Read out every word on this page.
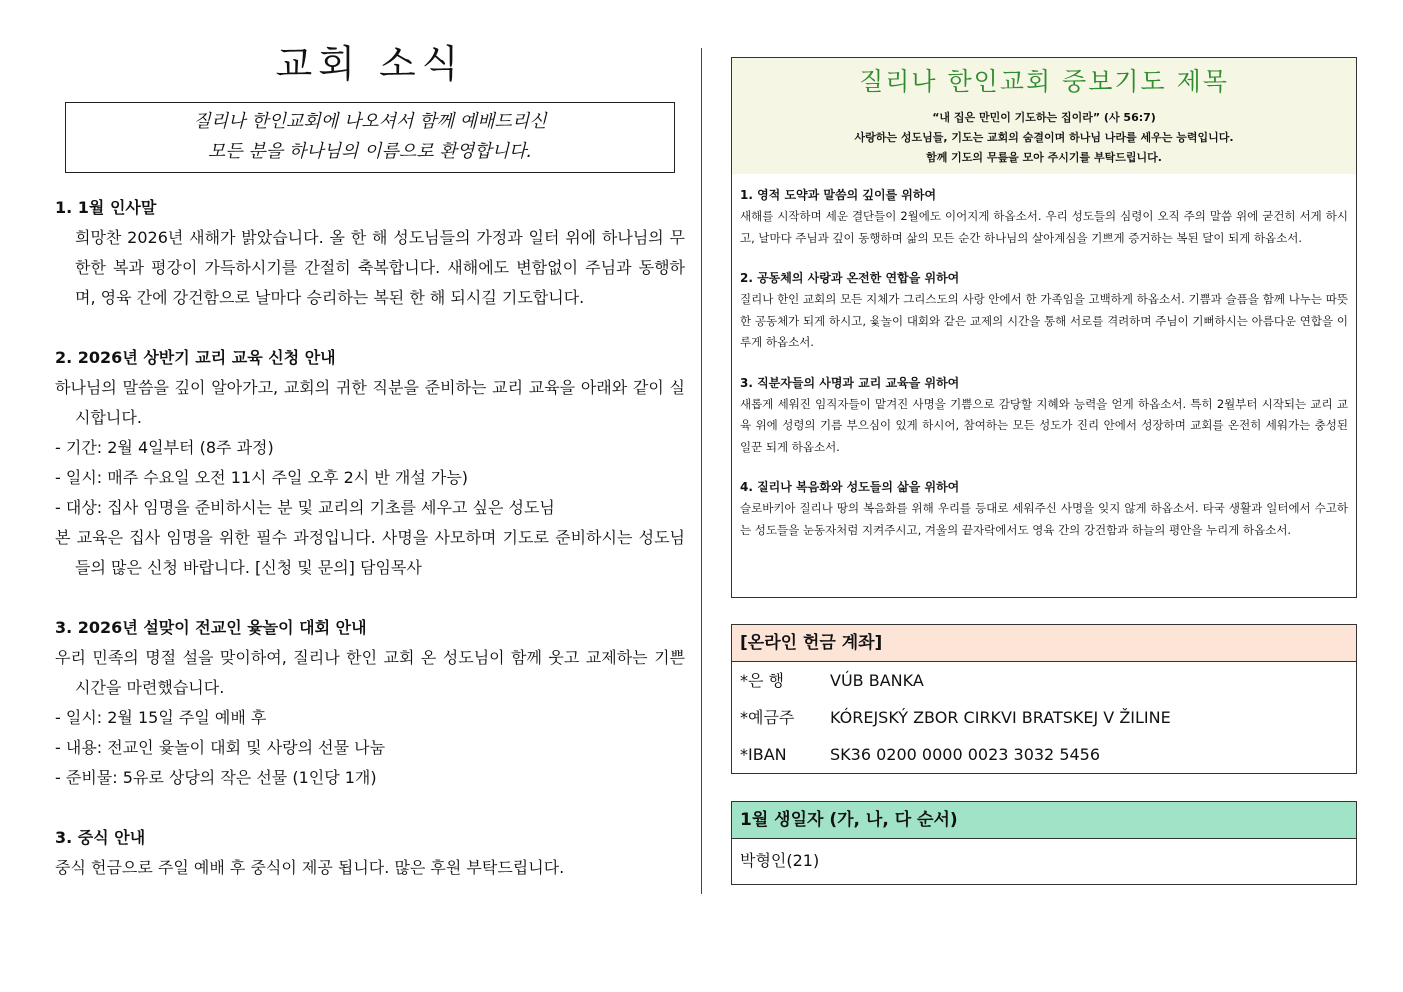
교회 소식
질리나 한인교회에 나오셔서 함께 예배드리신
모든 분을 하나님의 이름으로 환영합니다.
1. 1월 인사말

희망찬 2026년 새해가 밝았습니다. 올 한 해 성도님들의 가정과 일터 위에 하나님의 무한한 복과 평강이 가득하시기를 간절히 축복합니다. 새해에도 변함없이 주님과 동행하며, 영육 간에 강건함으로 날마다 승리하는 복된 한 해 되시길 기도합니다.

2. 2026년 상반기 교리 교육 신청 안내

하나님의 말씀을 깊이 알아가고, 교회의 귀한 직분을 준비하는 교리 교육을 아래와 같이 실시합니다.

- 기간: 2월 4일부터 (8주 과정)

- 일시: 매주 수요일 오전 11시 주일 오후 2시 반 개설 가능)

- 대상: 집사 임명을 준비하시는 분 및 교리의 기초를 세우고 싶은 성도님

본 교육은 집사 임명을 위한 필수 과정입니다. 사명을 사모하며 기도로 준비하시는 성도님들의 많은 신청 바랍니다. [신청 및 문의] 담임목사

3. 2026년 설맞이 전교인 윷놀이 대회 안내

우리 민족의 명절 설을 맞이하여, 질리나 한인 교회 온 성도님이 함께 웃고 교제하는 기쁜 시간을 마련했습니다.

- 일시: 2월 15일 주일 예배 후

- 내용: 전교인 윷놀이 대회 및 사랑의 선물 나눔

- 준비물: 5유로 상당의 작은 선물 (1인당 1개)

3. 중식 안내

중식 헌금으로 주일 예배 후 중식이 제공 됩니다. 많은 후원 부탁드립니다.

질리나 한인교회 중보기도 제목
“내 집은 만민이 기도하는 집이라” (사 56:7)
사랑하는 성도님들, 기도는 교회의 숨결이며 하나님 나라를 세우는 능력입니다.
함께 기도의 무릎을 모아 주시기를 부탁드립니다.
1. 영적 도약과 말씀의 깊이를 위하여

새해를 시작하며 세운 결단들이 2월에도 이어지게 하옵소서. 우리 성도들의 심령이 오직 주의 말씀 위에 굳건히 서게 하시고, 날마다 주님과 깊이 동행하며 삶의 모든 순간 하나님의 살아계심을 기쁘게 증거하는 복된 달이 되게 하옵소서.

2. 공동체의 사랑과 온전한 연합을 위하여

질리나 한인 교회의 모든 지체가 그리스도의 사랑 안에서 한 가족임을 고백하게 하옵소서. 기쁨과 슬픔을 함께 나누는 따뜻한 공동체가 되게 하시고, 윷놀이 대회와 같은 교제의 시간을 통해 서로를 격려하며 주님이 기뻐하시는 아름다운 연합을 이루게 하옵소서.

3. 직분자들의 사명과 교리 교육을 위하여

새롭게 세워진 임직자들이 맡겨진 사명을 기쁨으로 감당할 지혜와 능력을 얻게 하옵소서. 특히 2월부터 시작되는 교리 교육 위에 성령의 기름 부으심이 있게 하시어, 참여하는 모든 성도가 진리 안에서 성장하며 교회를 온전히 세워가는 충성된 일꾼 되게 하옵소서.

4. 질리나 복음화와 성도들의 삶을 위하여

슬로바키아 질리나 땅의 복음화를 위해 우리를 등대로 세워주신 사명을 잊지 않게 하옵소서. 타국 생활과 일터에서 수고하는 성도들을 눈동자처럼 지켜주시고, 겨울의 끝자락에서도 영육 간의 강건함과 하늘의 평안을 누리게 하옵소서.

[온라인 헌금 계좌]
*은 행	VÚB BANKA
*예금주	KÓREJSKÝ ZBOR CIRKVI BRATSKEJ V ŽILINE
*IBAN	SK36 0200 0000 0023 3032 5456
1월 생일자 (가, 나, 다 순서)
박형인(21)
